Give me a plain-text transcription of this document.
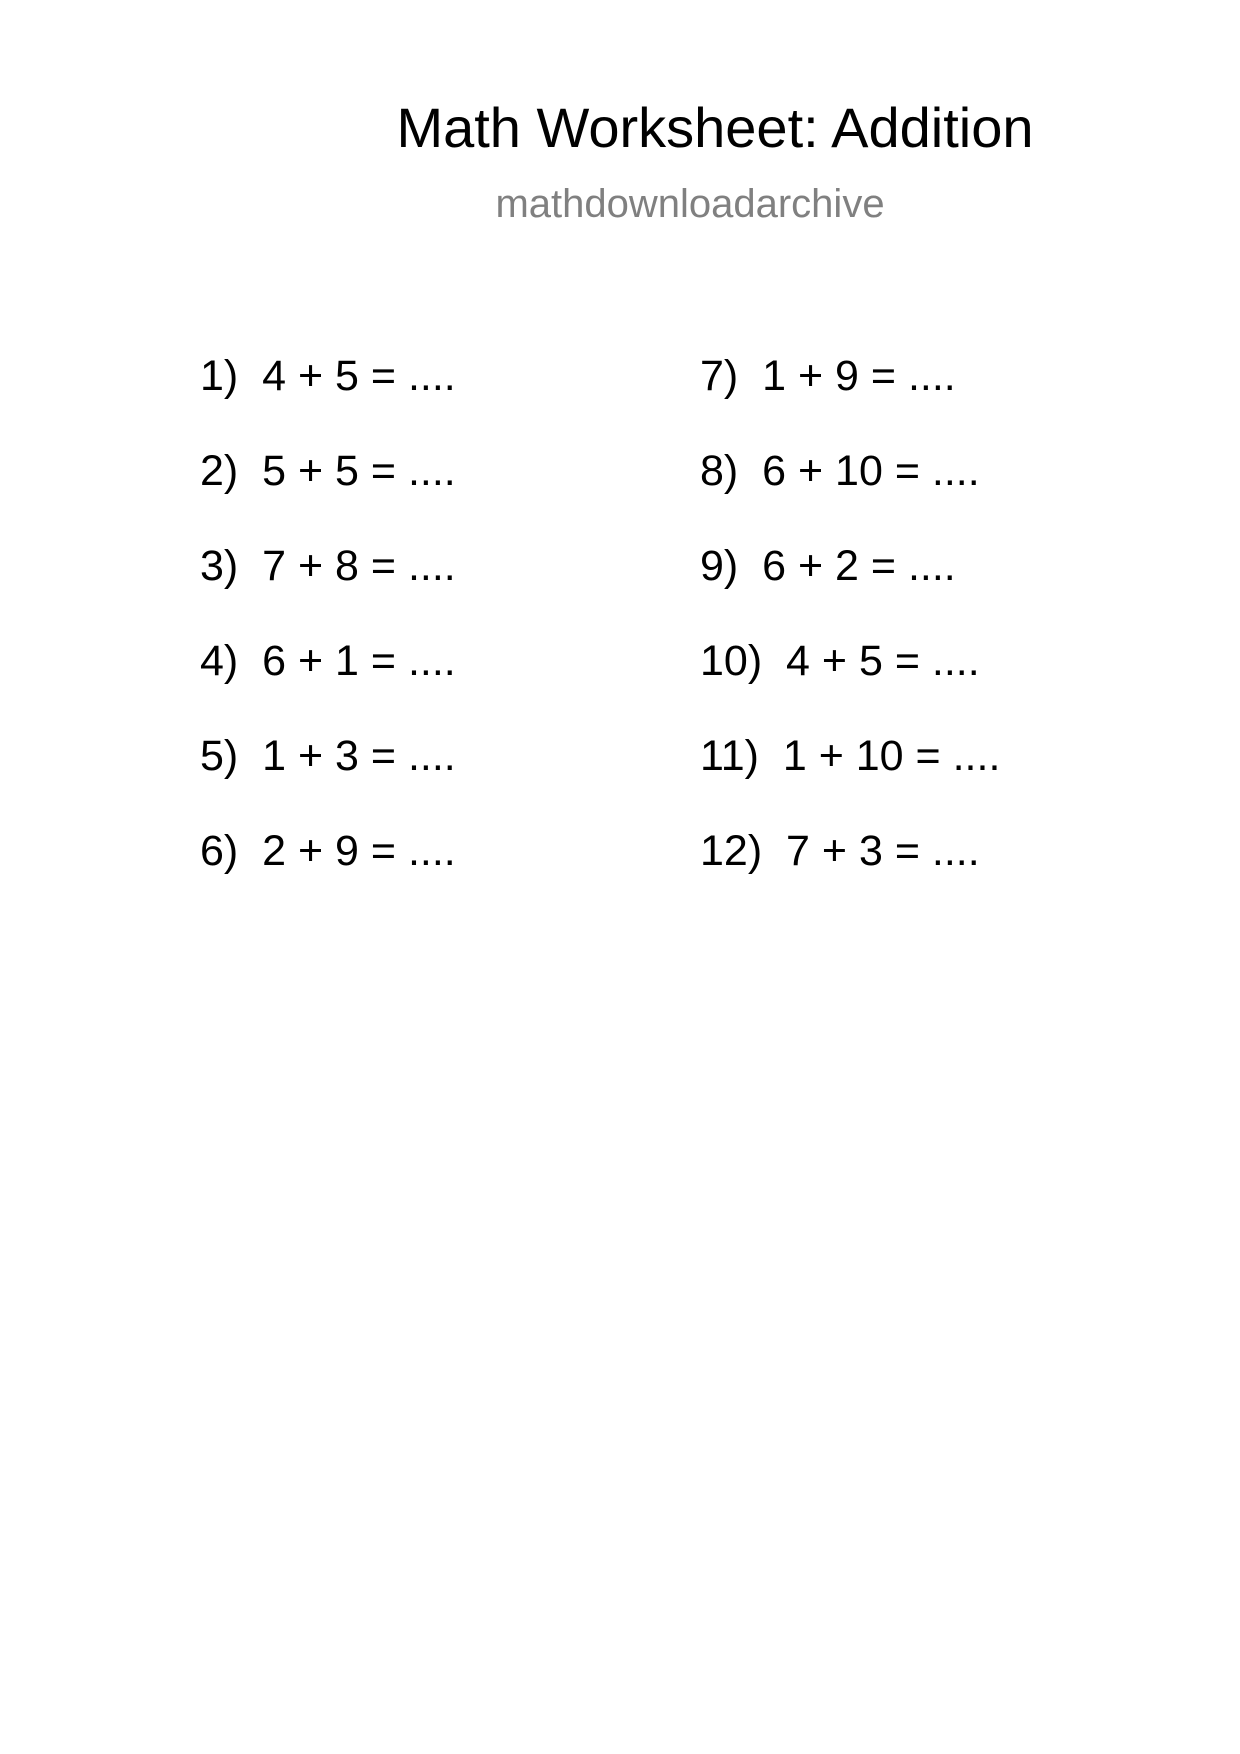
Math Worksheet: Addition
mathdownloadarchive
1)  4 + 5 = ....
2)  5 + 5 = ....
3)  7 + 8 = ....
4)  6 + 1 = ....
5)  1 + 3 = ....
6)  2 + 9 = ....
7)  1 + 9 = ....
8)  6 + 10 = ....
9)  6 + 2 = ....
10)  4 + 5 = ....
11)  1 + 10 = ....
12)  7 + 3 = ....
